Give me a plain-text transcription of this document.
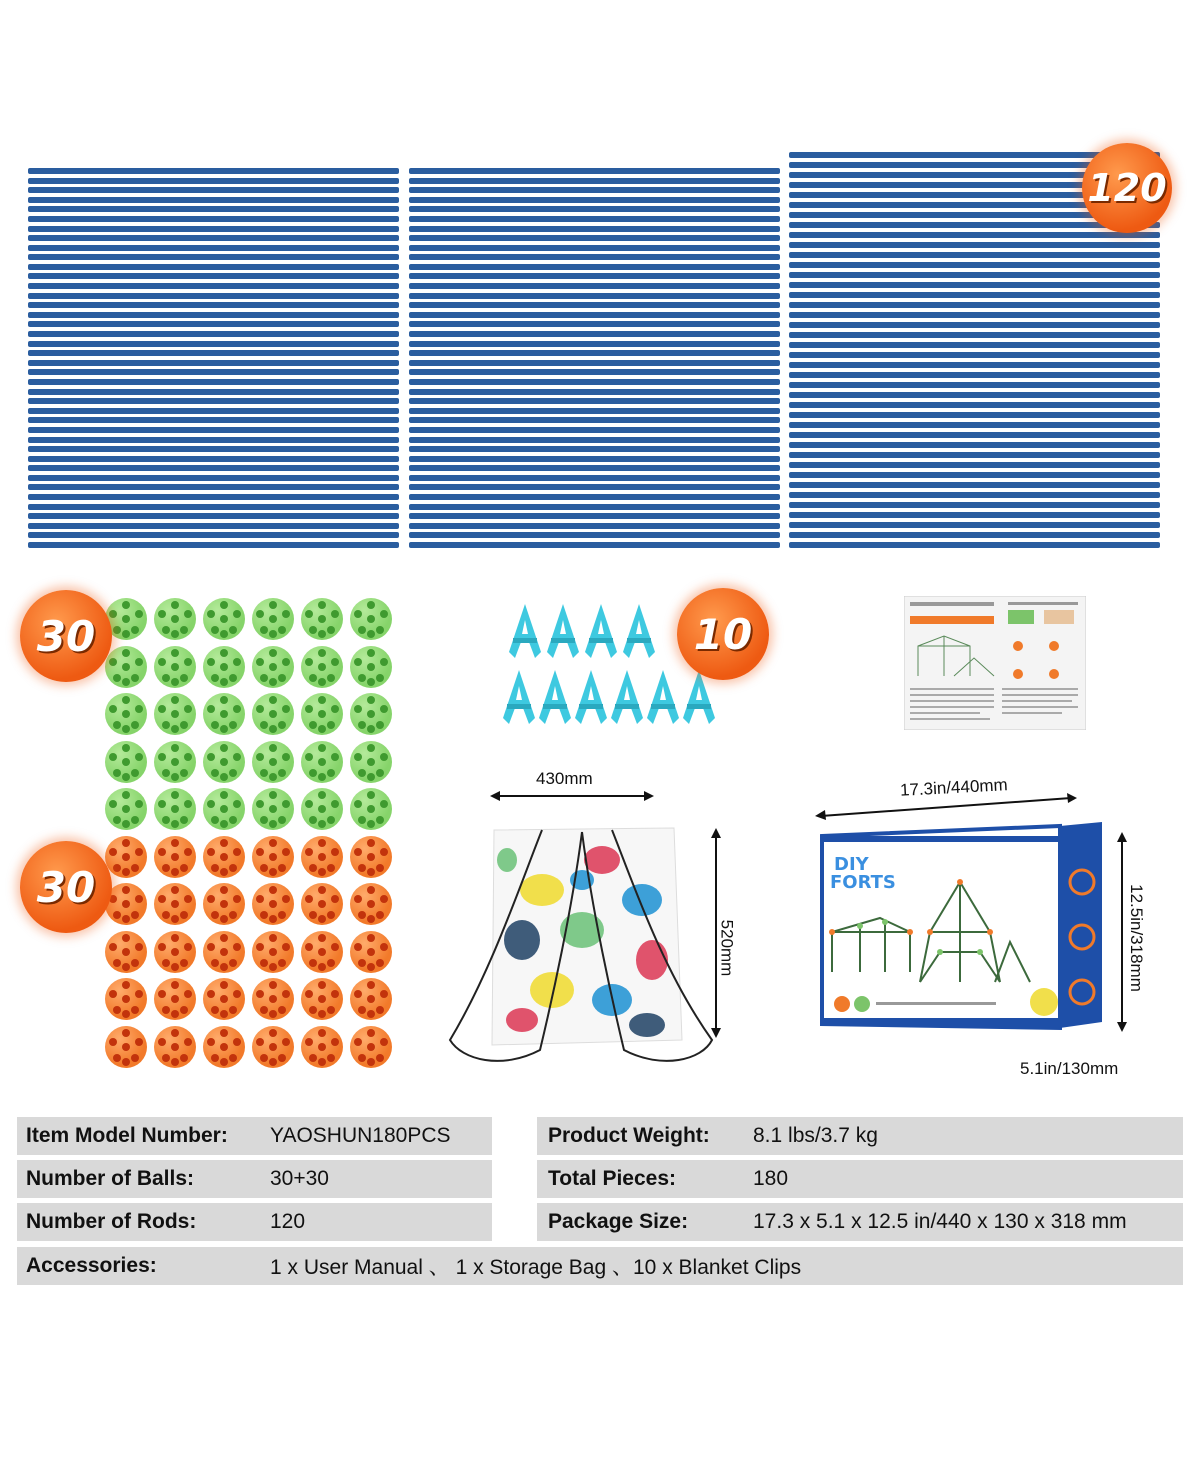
120
30
30
10
430mm
520mm
17.3in/440mm
12.5in/318mm
5.1in/130mm
DIY
FORTS
Item Model Number: YAOSHUN180PCS	Product Weight: 8.1 lbs/3.7 kg
Number of Balls:	30+30	Total Pieces:	180
Number of Rods:	120	Package Size:	17.3 x 5.1 x 12.5 in/440 x 130 x 318 mm
Accessories:	1 x User Manual 、 1 x Storage Bag 、10 x Blanket Clips
